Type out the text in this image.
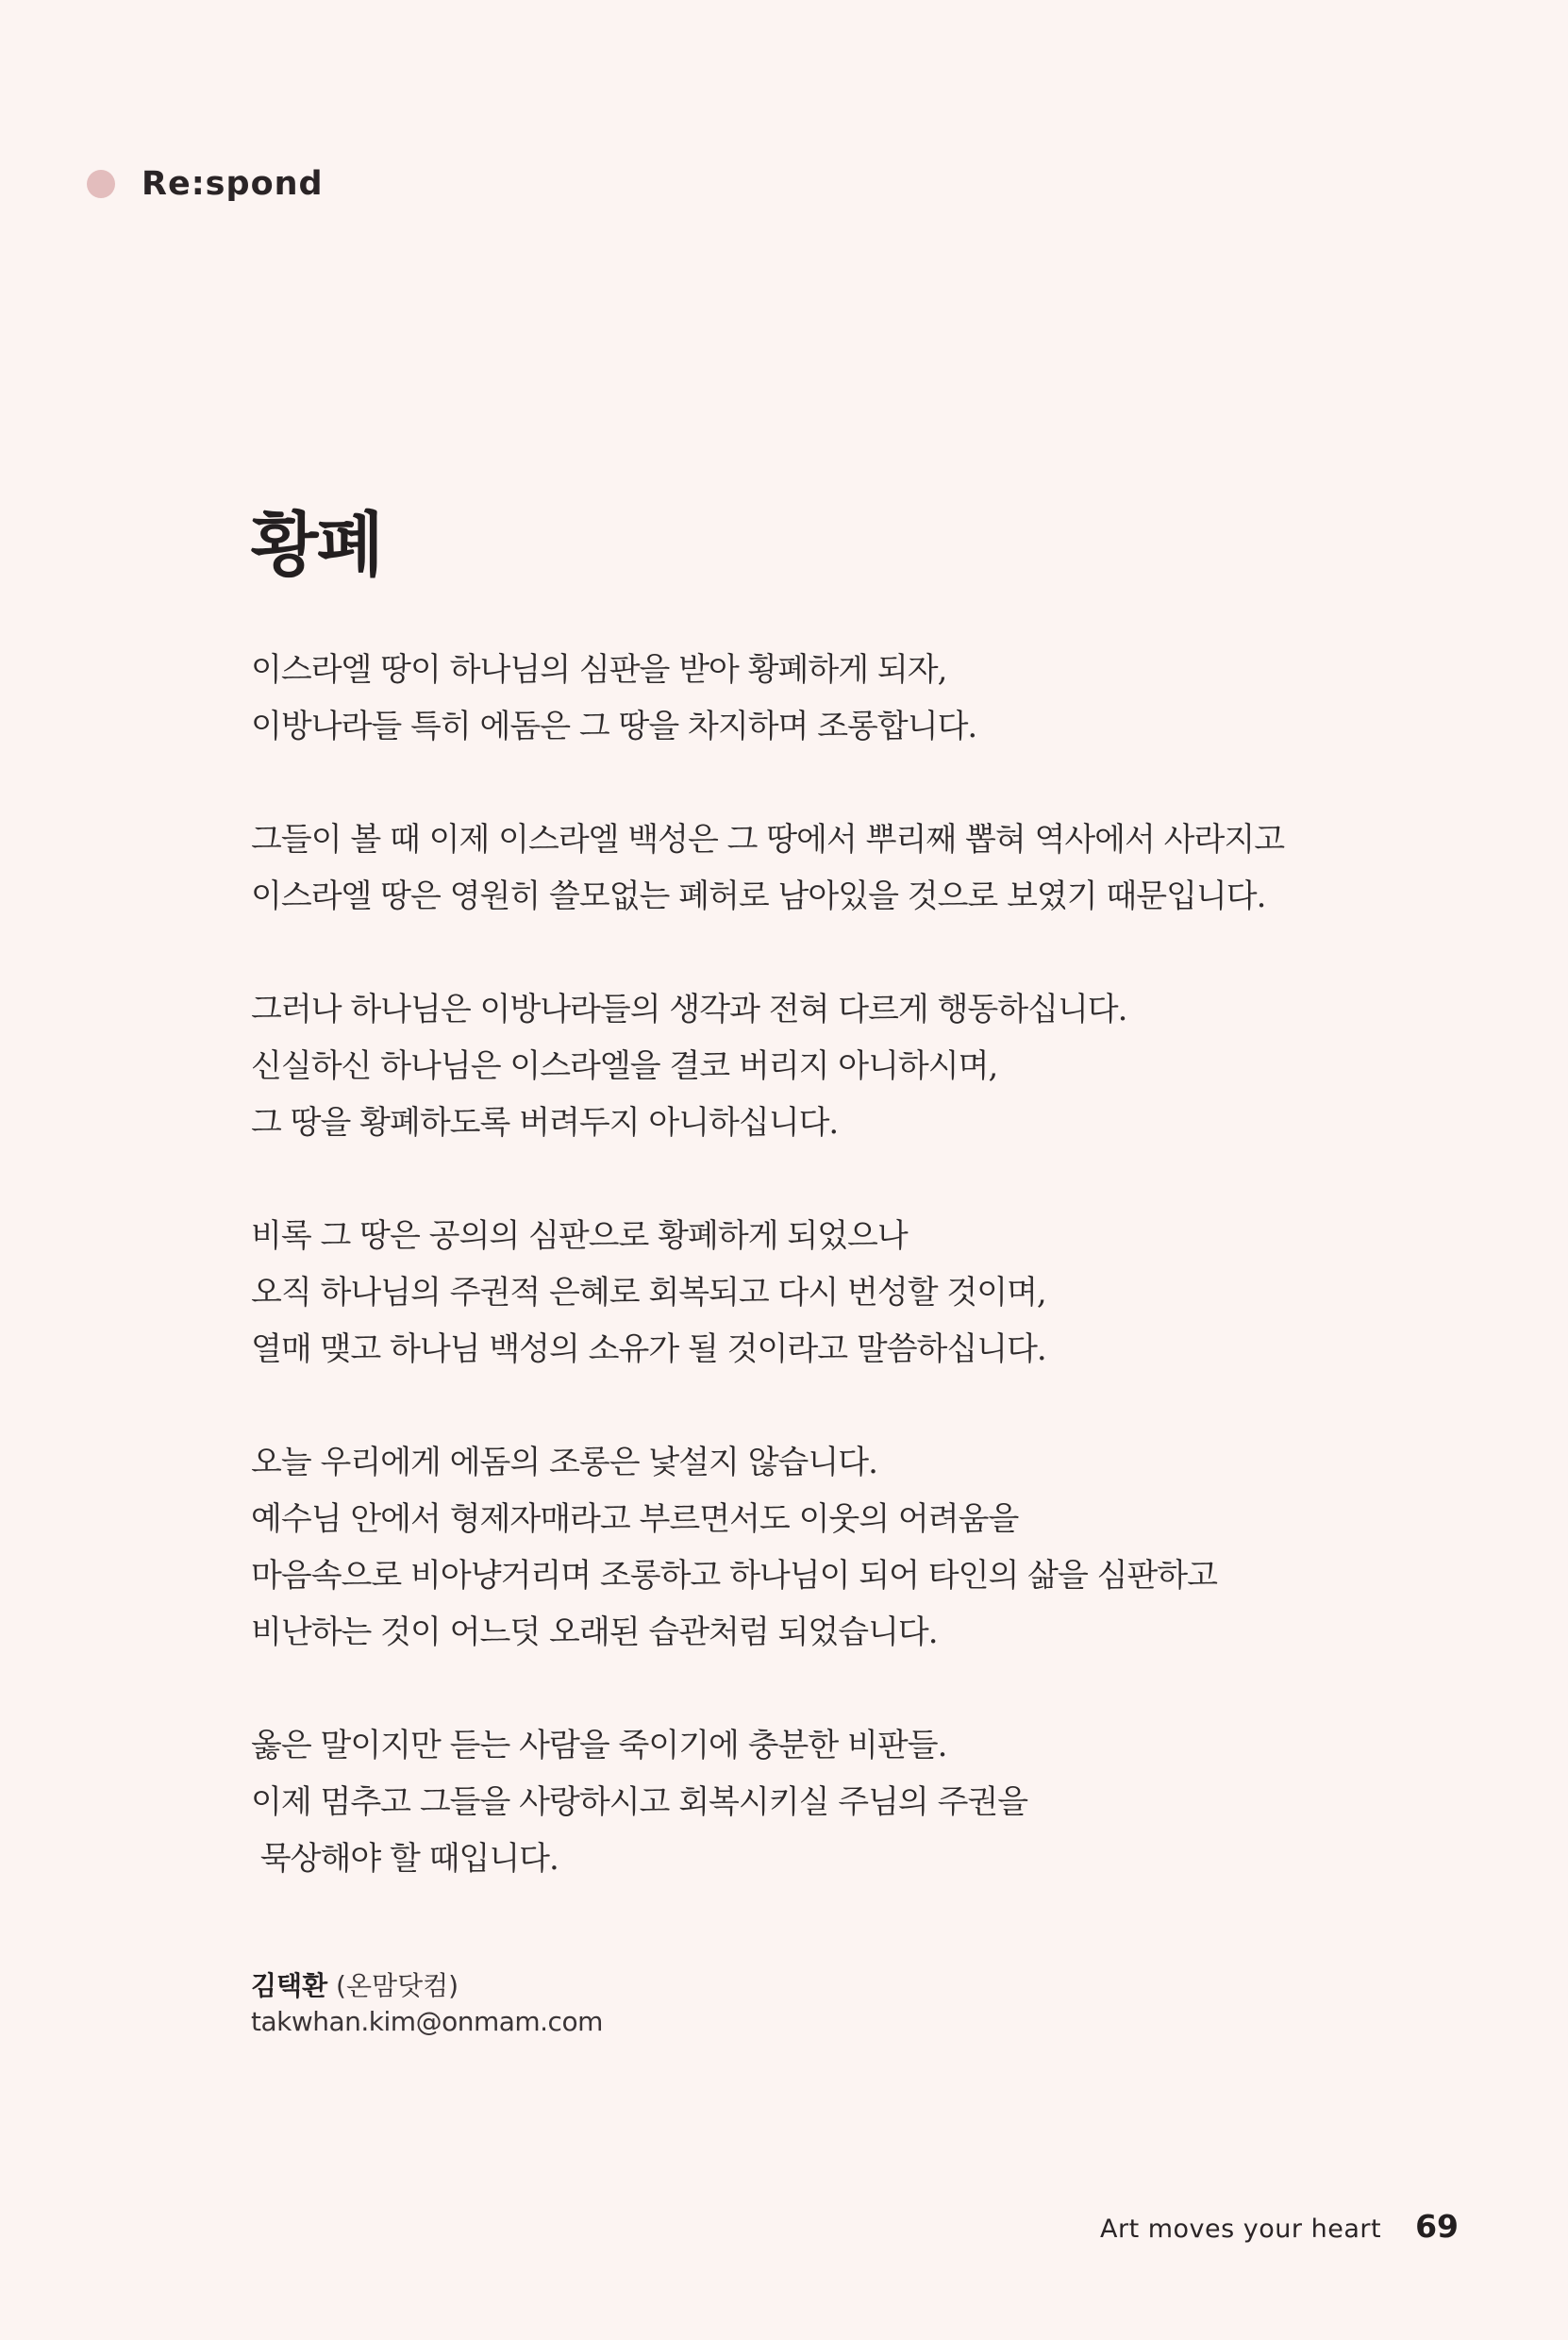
Re:spond
황폐

이스라엘 땅이 하나님의 심판을 받아 황폐하게 되자,
이방나라들 특히 에돔은 그 땅을 차지하며 조롱합니다.

그들이 볼 때 이제 이스라엘 백성은 그 땅에서 뿌리째 뽑혀 역사에서 사라지고
이스라엘 땅은 영원히 쓸모없는 폐허로 남아있을 것으로 보였기 때문입니다.

그러나 하나님은 이방나라들의 생각과 전혀 다르게 행동하십니다.
신실하신 하나님은 이스라엘을 결코 버리지 아니하시며,
그 땅을 황폐하도록 버려두지 아니하십니다.

비록 그 땅은 공의의 심판으로 황폐하게 되었으나
오직 하나님의 주권적 은혜로 회복되고 다시 번성할 것이며,
열매 맺고 하나님 백성의 소유가 될 것이라고 말씀하십니다.

오늘 우리에게 에돔의 조롱은 낯설지 않습니다.
예수님 안에서 형제자매라고 부르면서도 이웃의 어려움을
마음속으로 비아냥거리며 조롱하고 하나님이 되어 타인의 삶을 심판하고
비난하는 것이 어느덧 오래된 습관처럼 되었습니다.

옳은 말이지만 듣는 사람을 죽이기에 충분한 비판들.
이제 멈추고 그들을 사랑하시고 회복시키실 주님의 주권을
묵상해야 할 때입니다.

김택환 (온맘닷컴)
takwhan.kim@onmam.com
Art moves your heart 69
